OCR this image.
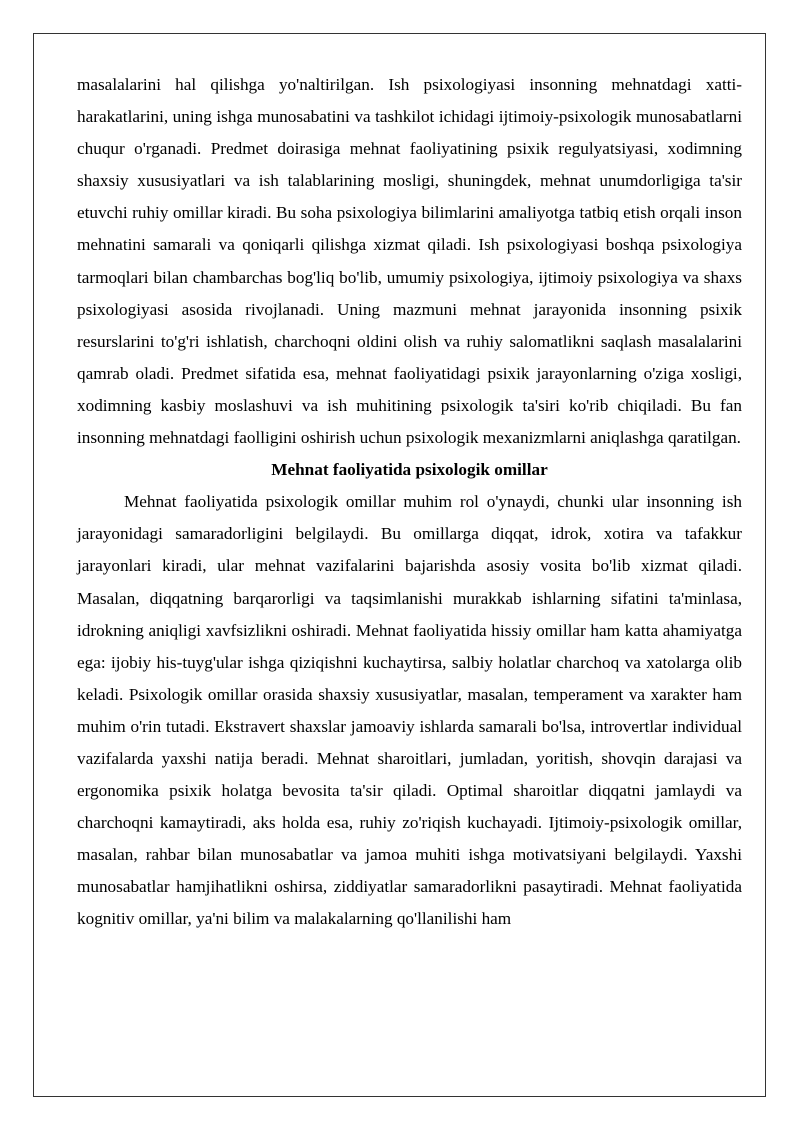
masalalarini hal qilishga yo'naltirilgan. Ish psixologiyasi insonning mehnatdagi xatti-harakatlarini, uning ishga munosabatini va tashkilot ichidagi ijtimoiy-psixologik munosabatlarni chuqur o'rganadi. Predmet doirasiga mehnat faoliyatining psixik regulyatsiyasi, xodimning shaxsiy xususiyatlari va ish talablarining mosligi, shuningdek, mehnat unumdorligiga ta'sir etuvchi ruhiy omillar kiradi. Bu soha psixologiya bilimlarini amaliyotga tatbiq etish orqali inson mehnatini samarali va qoniqarli qilishga xizmat qiladi. Ish psixologiyasi boshqa psixologiya tarmoqlari bilan chambarchas bog'liq bo'lib, umumiy psixologiya, ijtimoiy psixologiya va shaxs psixologiyasi asosida rivojlanadi. Uning mazmuni mehnat jarayonida insonning psixik resurslarini to'g'ri ishlatish, charchoqni oldini olish va ruhiy salomatlikni saqlash masalalarini qamrab oladi. Predmet sifatida esa, mehnat faoliyatidagi psixik jarayonlarning o'ziga xosligi, xodimning kasbiy moslashuvi va ish muhitining psixologik ta'siri ko'rib chiqiladi. Bu fan insonning mehnatdagi faolligini oshirish uchun psixologik mexanizmlarni aniqlashga qaratilgan.

Mehnat faoliyatida psixologik omillar

Mehnat faoliyatida psixologik omillar muhim rol o'ynaydi, chunki ular insonning ish jarayonidagi samaradorligini belgilaydi. Bu omillarga diqqat, idrok, xotira va tafakkur jarayonlari kiradi, ular mehnat vazifalarini bajarishda asosiy vosita bo'lib xizmat qiladi. Masalan, diqqatning barqarorligi va taqsimlanishi murakkab ishlarning sifatini ta'minlasa, idrokning aniqligi xavfsizlikni oshiradi. Mehnat faoliyatida hissiy omillar ham katta ahamiyatga ega: ijobiy his-tuyg'ular ishga qiziqishni kuchaytirsa, salbiy holatlar charchoq va xatolarga olib keladi. Psixologik omillar orasida shaxsiy xususiyatlar, masalan, temperament va xarakter ham muhim o'rin tutadi. Ekstravert shaxslar jamoaviy ishlarda samarali bo'lsa, introvertlar individual vazifalarda yaxshi natija beradi. Mehnat sharoitlari, jumladan, yoritish, shovqin darajasi va ergonomika psixik holatga bevosita ta'sir qiladi. Optimal sharoitlar diqqatni jamlaydi va charchoqni kamaytiradi, aks holda esa, ruhiy zo'riqish kuchayadi. Ijtimoiy-psixologik omillar, masalan, rahbar bilan munosabatlar va jamoa muhiti ishga motivatsiyani belgilaydi. Yaxshi munosabatlar hamjihatlikni oshirsa, ziddiyatlar samaradorlikni pasaytiradi. Mehnat faoliyatida kognitiv omillar, ya'ni bilim va malakalarning qo'llanilishi ham
